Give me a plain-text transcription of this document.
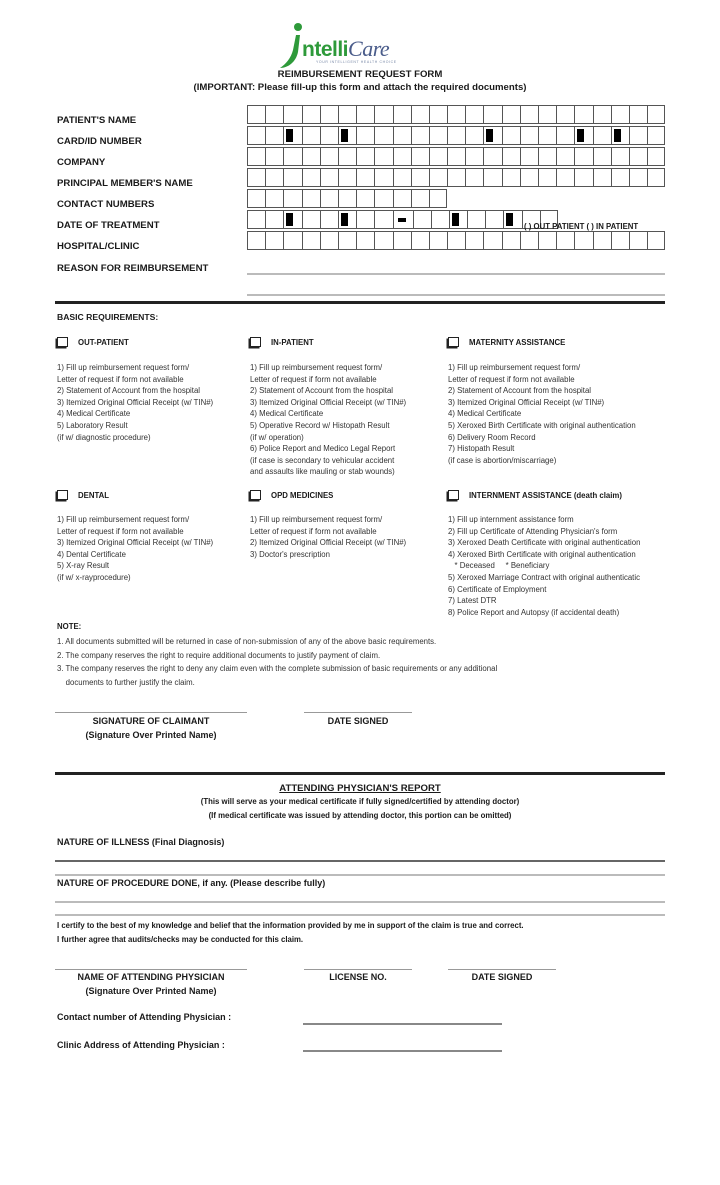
ntelliCare
YOUR INTELLIGENT HEALTH CHOICE
REIMBURSEMENT REQUEST FORM
(IMPORTANT: Please fill-up this form and attach the required documents)
PATIENT'S NAME
CARD/ID NUMBER
COMPANY
PRINCIPAL MEMBER'S NAME
CONTACT NUMBERS
DATE OF TREATMENT
HOSPITAL/CLINIC
REASON FOR REIMBURSEMENT
( ) OUT PATIENT ( ) IN PATIENT
BASIC REQUIREMENTS:
OUT-PATIENT
1) Fill up reimbursement request form/
Letter of request if form not available
2) Statement of Account from the hospital
3) Itemized Original Official Receipt (w/ TIN#)
4) Medical Certificate
5) Laboratory Result
(if w/ diagnostic procedure)
IN-PATIENT
1) Fill up reimbursement request form/
Letter of request if form not available
2) Statement of Account from the hospital
3) Itemized Original Official Receipt (w/ TIN#)
4) Medical Certificate
5) Operative Record w/ Histopath Result
(if w/ operation)
6) Police Report and Medico Legal Report
(if case is secondary to vehicular accident
and assaults like mauling or stab wounds)
MATERNITY ASSISTANCE
1) Fill up reimbursement request form/
Letter of request if form not available
2) Statement of Account from the hospital
3) Itemized Original Official Receipt (w/ TIN#)
4) Medical Certificate
5) Xeroxed Birth Certificate with original authentication
6) Delivery Room Record
7) Histopath Result
(if case is abortion/miscarriage)
DENTAL
1) Fill up reimbursement request form/
Letter of request if form not available
3) Itemized Original Official Receipt (w/ TIN#)
4) Dental Certificate
5) X-ray Result
(if w/ x-rayprocedure)
OPD MEDICINES
1) Fill up reimbursement request form/
Letter of request if form not available
2) Itemized Original Official Receipt (w/ TIN#)
3) Doctor's prescription
INTERNMENT ASSISTANCE (death claim)
1) Fill up internment assistance form
2) Fill up Certificate of Attending Physician's form
3) Xeroxed Death Certificate with original authentication
4) Xeroxed Birth Certificate with original authentication
* Deceased     * Beneficiary
5) Xeroxed Marriage Contract with original authenticatic
6) Certificate of Employment
7) Latest DTR
8) Police Report and Autopsy (if accidental death)
NOTE:
1. All documents submitted will be returned in case of non-submission of any of the above basic requirements.
2. The company reserves the right to require additional documents to justify payment of claim.
3. The company reserves the right to deny any claim even with the complete submission of basic requirements or any additional
documents to further justify the claim.
SIGNATURE OF CLAIMANT
(Signature Over Printed Name)
DATE SIGNED
ATTENDING PHYSICIAN'S REPORT
(This will serve as your medical certificate if fully signed/certified by attending doctor)
(If medical certificate was issued by attending doctor, this portion can be omitted)
NATURE OF ILLNESS (Final Diagnosis)
NATURE OF PROCEDURE DONE, if any. (Please describe fully)
I certify to the best of my knowledge and belief that the information provided by me in support of the claim is true and correct.
I further agree that audits/checks may be conducted for this claim.
NAME OF ATTENDING PHYSICIAN
(Signature Over Printed Name)
LICENSE NO.	DATE SIGNED
Contact number of Attending Physician :
Clinic Address of Attending Physician :
